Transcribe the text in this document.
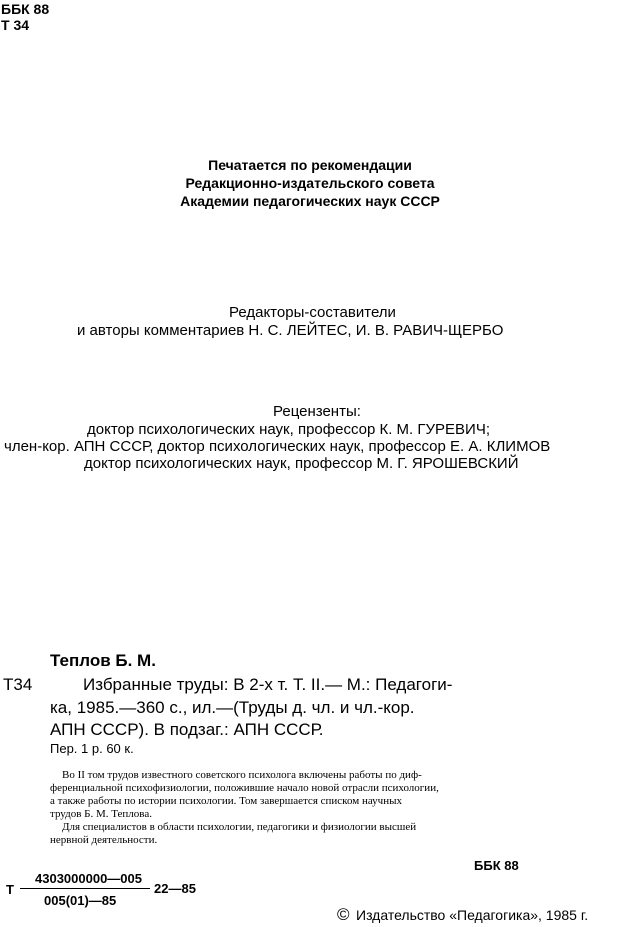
ББК 88
Т 34
Печатается по рекомендации
Редакционно-издательского совета
Академии педагогических наук СССР
Редакторы-составители
и авторы комментариев Н. С. ЛЕЙТЕС, И. В. РАВИЧ-ЩЕРБО
Рецензенты:
доктор психологических наук, профессор К. М. ГУРЕВИЧ;
член-кор. АПН СССР, доктор психологических наук, профессор Е. А. КЛИМОВ
доктор психологических наук, профессор М. Г. ЯРОШЕВСКИЙ
Теплов Б. М.
Т34	Избранные труды: В 2-х т. Т. II.— М.: Педагоги-
ка, 1985.—360 с., ил.—(Труды д. чл. и чл.-кор.
АПН СССР). В подзаг.: АПН СССР.
Пер. 1 р. 60 к.
Во II том трудов известного советского психолога включены работы по диф-
ференциальной психофизиологии, положившие начало новой отрасли психологии,
а также работы по истории психологии. Том завершается списком научных
трудов Б. М. Теплова.
Для специалистов в области психологии, педагогики и физиологии высшей
нервной деятельности.
ББК 88
Т
4303000000—005
005(01)—85
22—85
© Издательство «Педагогика», 1985 г.
